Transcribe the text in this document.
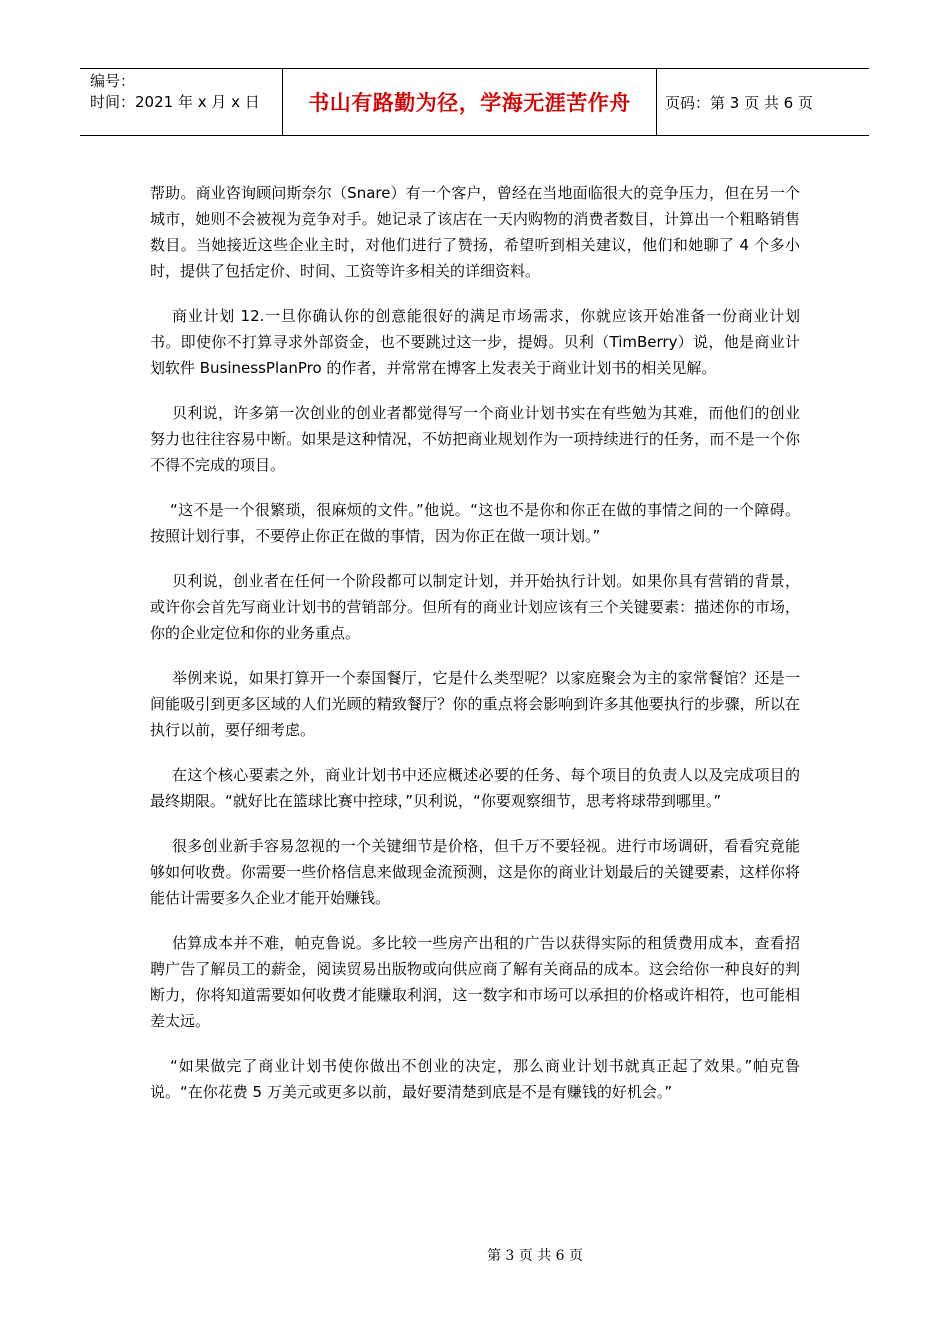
编号：
时间：2021 年 x 月 x 日	书山有路勤为径，学海无涯苦作舟	页码：第 3 页 共 6 页

帮助。商业咨询顾问斯奈尔（Snare）有一个客户，曾经在当地面临很大的竞争压力，但在另一个城市，她则不会被视为竞争对手。她记录了该店在一天内购物的消费者数目，计算出一个粗略销售数目。当她接近这些企业主时，对他们进行了赞扬，希望听到相关建议，他们和她聊了 4 个多小时，提供了包括定价、时间、工资等许多相关的详细资料。

商业计划 12.一旦你确认你的创意能很好的满足市场需求，你就应该开始准备一份商业计划书。即使你不打算寻求外部资金，也不要跳过这一步，提姆。贝利（TimBerry）说，他是商业计划软件 BusinessPlanPro 的作者，并常常在博客上发表关于商业计划书的相关见解。

贝利说，许多第一次创业的创业者都觉得写一个商业计划书实在有些勉为其难，而他们的创业努力也往往容易中断。如果是这种情况，不妨把商业规划作为一项持续进行的任务，而不是一个你不得不完成的项目。

“这不是一个很繁琐，很麻烦的文件。”他说。“这也不是你和你正在做的事情之间的一个障碍。按照计划行事，不要停止你正在做的事情，因为你正在做一项计划。”

贝利说，创业者在任何一个阶段都可以制定计划，并开始执行计划。如果你具有营销的背景，或许你会首先写商业计划书的营销部分。但所有的商业计划应该有三个关键要素：描述你的市场，你的企业定位和你的业务重点。

举例来说，如果打算开一个泰国餐厅，它是什么类型呢？以家庭聚会为主的家常餐馆？还是一间能吸引到更多区域的人们光顾的精致餐厅？你的重点将会影响到许多其他要执行的步骤，所以在执行以前，要仔细考虑。

在这个核心要素之外，商业计划书中还应概述必要的任务、每个项目的负责人以及完成项目的最终期限。“就好比在篮球比赛中控球，”贝利说，“你要观察细节，思考将球带到哪里。”

很多创业新手容易忽视的一个关键细节是价格，但千万不要轻视。进行市场调研，看看究竟能够如何收费。你需要一些价格信息来做现金流预测，这是你的商业计划最后的关键要素，这样你将能估计需要多久企业才能开始赚钱。

估算成本并不难，帕克鲁说。多比较一些房产出租的广告以获得实际的租赁费用成本，查看招聘广告了解员工的薪金，阅读贸易出版物或向供应商了解有关商品的成本。这会给你一种良好的判断力，你将知道需要如何收费才能赚取利润，这一数字和市场可以承担的价格或许相符，也可能相差太远。

“如果做完了商业计划书使你做出不创业的决定，那么商业计划书就真正起了效果。”帕克鲁说。“在你花费 5 万美元或更多以前，最好要清楚到底是不是有赚钱的好机会。”

第 3 页 共 6 页
